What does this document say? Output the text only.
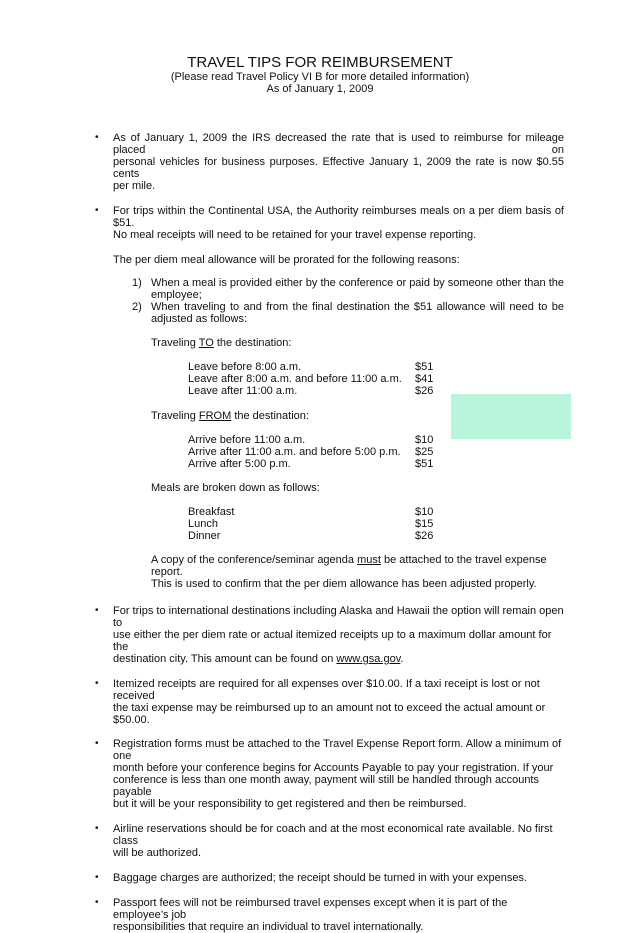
TRAVEL TIPS FOR REIMBURSEMENT
(Please read Travel Policy VI B for more detailed information)
As of January 1, 2009
• As of January 1, 2009 the IRS decreased the rate that is used to reimburse for mileage placed on
personal vehicles for business purposes. Effective January 1, 2009 the rate is now $0.55 cents
per mile.
• For trips within the Continental USA, the Authority reimburses meals on a per diem basis of $51.
No meal receipts will need to be retained for your travel expense reporting.
The per diem meal allowance will be prorated for the following reasons:
1) When a meal is provided either by the conference or paid by someone other than the
employee;
2) When traveling to and from the final destination the $51 allowance will need to be
adjusted as follows:
Traveling TO the destination:
Leave before 8:00 a.m.	$51
Leave after 8:00 a.m. and before 11:00 a.m. $41
Leave after 11:00 a.m.	$26
Traveling FROM the destination:
Arrive before 11:00 a.m.	$10
Arrive after 11:00 a.m. and before 5:00 p.m. $25
Arrive after 5:00 p.m.	$51
Meals are broken down as follows:
Breakfast	$10
Lunch	$15
Dinner	$26
A copy of the conference/seminar agenda must be attached to the travel expense report.
This is used to confirm that the per diem allowance has been adjusted properly.
• For trips to international destinations including Alaska and Hawaii the option will remain open to
use either the per diem rate or actual itemized receipts up to a maximum dollar amount for the
destination city. This amount can be found on www.gsa.gov.
• Itemized receipts are required for all expenses over $10.00. If a taxi receipt is lost or not received
the taxi expense may be reimbursed up to an amount not to exceed the actual amount or $50.00.
• Registration forms must be attached to the Travel Expense Report form. Allow a minimum of one
month before your conference begins for Accounts Payable to pay your registration. If your
conference is less than one month away, payment will still be handled through accounts payable
but it will be your responsibility to get registered and then be reimbursed.
• Airline reservations should be for coach and at the most economical rate available. No first class
will be authorized.
• Baggage charges are authorized; the receipt should be turned in with your expenses.
• Passport fees will not be reimbursed travel expenses except when it is part of the employee’s job
responsibilities that require an individual to travel internationally.
